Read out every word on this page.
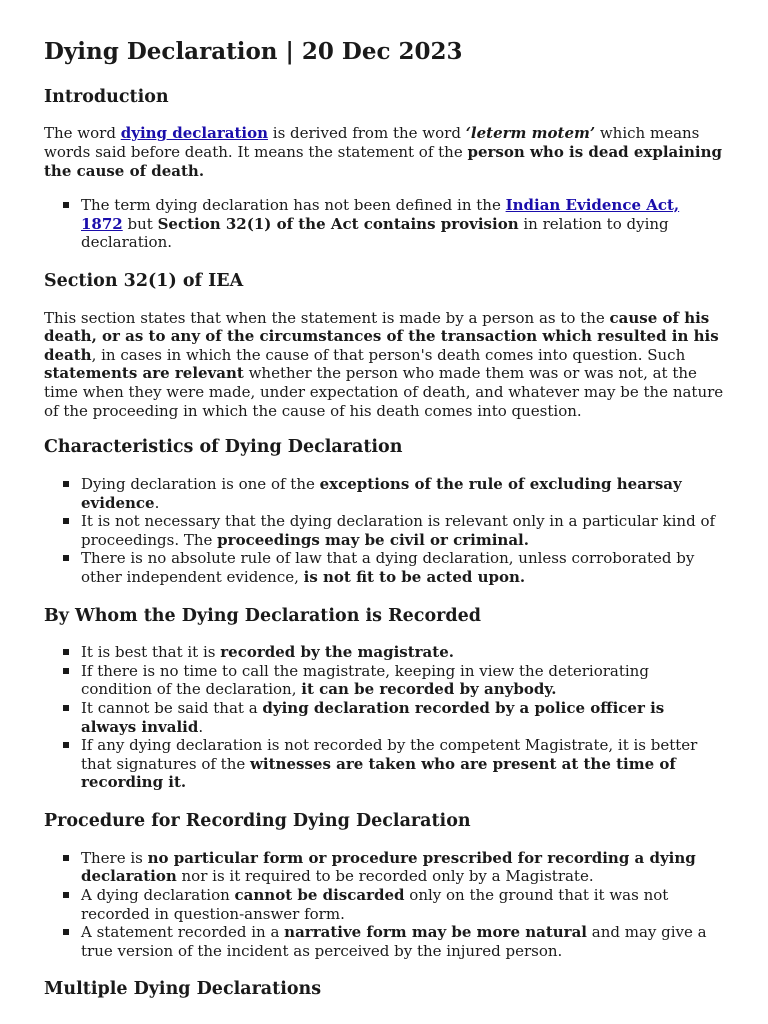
Dying Declaration | 20 Dec 2023
Introduction

The word dying declaration is derived from the word ‘leterm motem’ which means words said before death. It means the statement of the person who is dead explaining the cause of death.

The term dying declaration has not been defined in the Indian Evidence Act, 1872 but Section 32(1) of the Act contains provision in relation to dying declaration.
Section 32(1) of IEA

This section states that when the statement is made by a person as to the cause of his death, or as to any of the circumstances of the transaction which resulted in his death, in cases in which the cause of that person's death comes into question. Such statements are relevant whether the person who made them was or was not, at the time when they were made, under expectation of death, and whatever may be the nature of the proceeding in which the cause of his death comes into question.

Characteristics of Dying Declaration
Dying declaration is one of the exceptions of the rule of excluding hearsay evidence.
It is not necessary that the dying declaration is relevant only in a particular kind of proceedings. The proceedings may be civil or criminal.
There is no absolute rule of law that a dying declaration, unless corroborated by other independent evidence, is not fit to be acted upon.
By Whom the Dying Declaration is Recorded
It is best that it is recorded by the magistrate.
If there is no time to call the magistrate, keeping in view the deteriorating condition of the declaration, it can be recorded by anybody.
It cannot be said that a dying declaration recorded by a police officer is always invalid.
If any dying declaration is not recorded by the competent Magistrate, it is better that signatures of the witnesses are taken who are present at the time of recording it.
Procedure for Recording Dying Declaration
There is no particular form or procedure prescribed for recording a dying declaration nor is it required to be recorded only by a Magistrate.
A dying declaration cannot be discarded only on the ground that it was not recorded in question-answer form.
A statement recorded in a narrative form may be more natural and may give a true version of the incident as perceived by the injured person.
Multiple Dying Declarations
